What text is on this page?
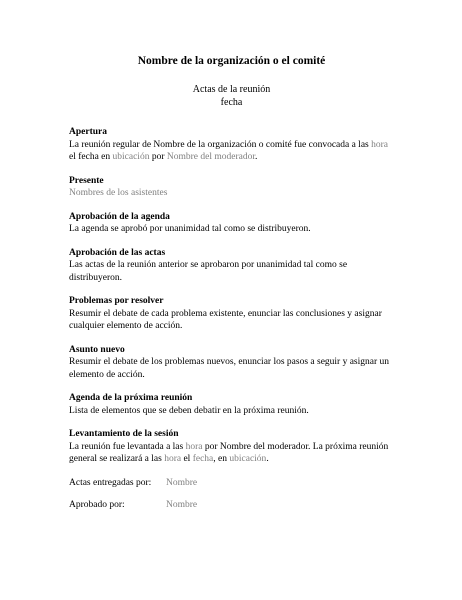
Nombre de la organización o el comité
Actas de la reunión
fecha
Apertura
La reunión regular de Nombre de la organización o comité fue convocada a las hora el fecha en ubicación por Nombre del moderador.
Presente
Nombres de los asistentes
Aprobación de la agenda
La agenda se aprobó por unanimidad tal como se distribuyeron.
Aprobación de las actas
Las actas de la reunión anterior se aprobaron por unanimidad tal como se distribuyeron.
Problemas por resolver
Resumir el debate de cada problema existente, enunciar las conclusiones y asignar cualquier elemento de acción.
Asunto nuevo
Resumir el debate de los problemas nuevos, enunciar los pasos a seguir y asignar un elemento de acción.
Agenda de la próxima reunión
Lista de elementos que se deben debatir en la próxima reunión.
Levantamiento de la sesión
La reunión fue levantada a las hora por Nombre del moderador. La próxima reunión general se realizará a las hora el fecha, en ubicación.
Actas entregadas por:	Nombre
Aprobado por:	Nombre
